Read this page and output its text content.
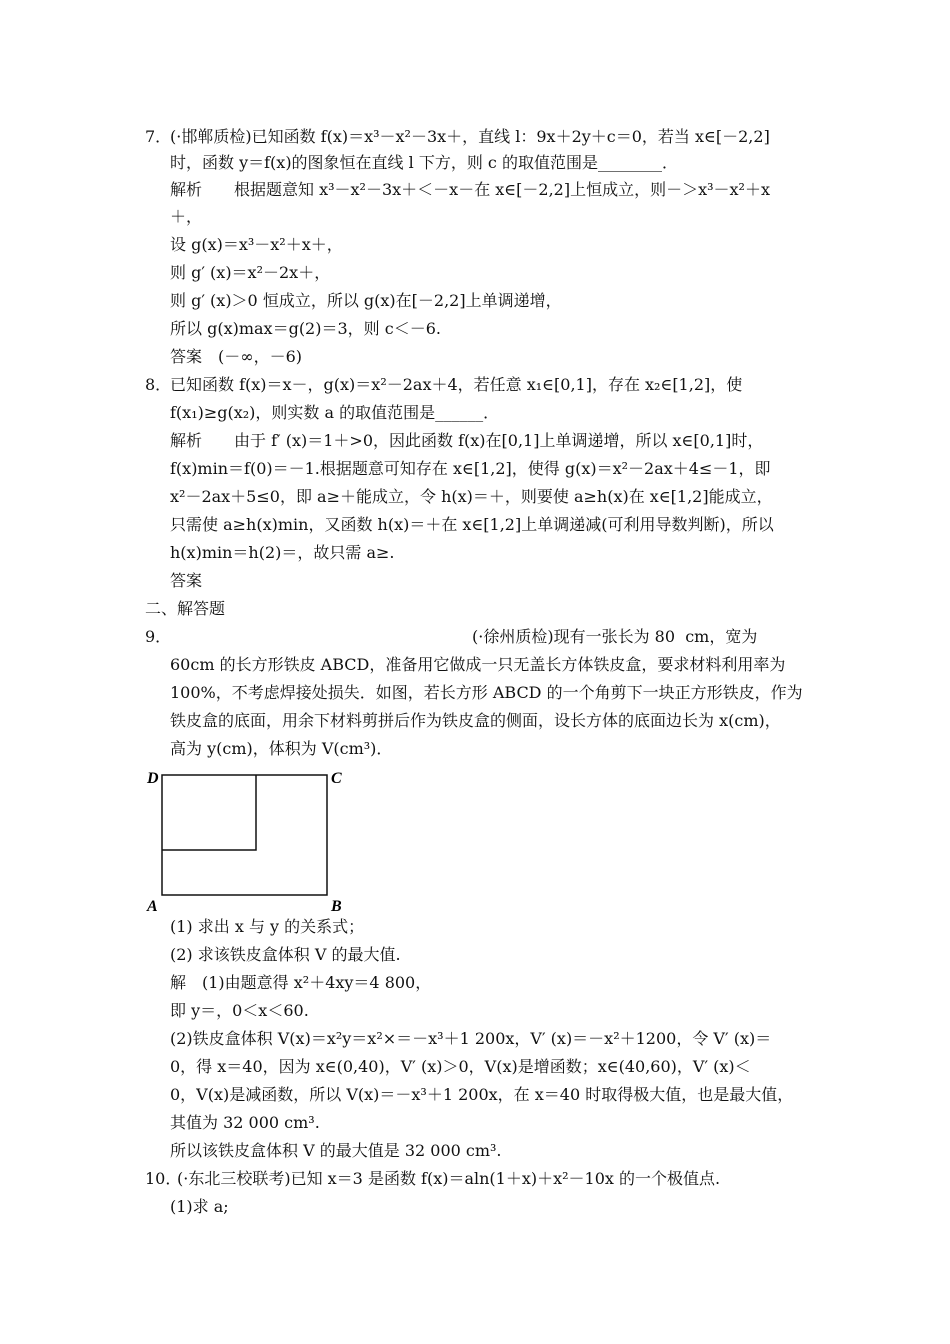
7．
(·邯郸质检)已知函数 f(x)＝x³－x²－3x＋，直线 l：9x＋2y＋c＝0，若当 x∈[－2,2]
时，函数 y＝f(x)的图象恒在直线 l 下方，则 c 的取值范围是________．
解析　　根据题意知 x³－x²－3x＋＜－x－在 x∈[－2,2]上恒成立，则－＞x³－x²＋x
＋，
设 g(x)＝x³－x²＋x＋，
则 g′ (x)＝x²－2x＋，
则 g′ (x)＞0 恒成立，所以 g(x)在[－2,2]上单调递增，
所以 g(x)max＝g(2)＝3，则 c＜－6.
答案　(－∞，－6)
8．
已知函数 f(x)＝x－，g(x)＝x²－2ax＋4，若任意 x₁∈[0,1]，存在 x₂∈[1,2]，使
f(x₁)≥g(x₂)，则实数 a 的取值范围是______．
解析　　由于 f′ (x)＝1＋>0，因此函数 f(x)在[0,1]上单调递增，所以 x∈[0,1]时，
f(x)min＝f(0)＝－1.根据题意可知存在 x∈[1,2]，使得 g(x)＝x²－2ax＋4≤－1，即
x²－2ax＋5≤0，即 a≥＋能成立，令 h(x)＝＋，则要使 a≥h(x)在 x∈[1,2]能成立，
只需使 a≥h(x)min，又函数 h(x)＝＋在 x∈[1,2]上单调递减(可利用导数判断)，所以
h(x)min＝h(2)＝，故只需 a≥.
答案
二、解答题
9．	(·徐州质检)现有一张长为 80  cm，宽为
60cm 的长方形铁皮 ABCD，准备用它做成一只无盖长方体铁皮盒，要求材料利用率为
100%，不考虑焊接处损失．如图，若长方形 ABCD 的一个角剪下一块正方形铁皮，作为
铁皮盒的底面，用余下材料剪拼后作为铁皮盒的侧面，设长方体的底面边长为 x(cm)，
高为 y(cm)，体积为 V(cm³)．
D	C
A	B
(1) 求出 x 与 y 的关系式；
(2) 求该铁皮盒体积 V 的最大值.
解　(1)由题意得 x²＋4xy＝4 800，
即 y＝，0＜x＜60.
(2)铁皮盒体积 V(x)＝x²y＝x²×＝－x³＋1 200x，V′ (x)＝－x²＋1200，令 V′ (x)＝
0，得 x＝40，因为 x∈(0,40)，V′ (x)＞0，V(x)是增函数；x∈(40,60)，V′ (x)＜
0，V(x)是减函数，所以 V(x)＝－x³＋1 200x，在 x＝40 时取得极大值，也是最大值，
其值为 32 000 cm³.
所以该铁皮盒体积 V 的最大值是 32 000 cm³.
10．
(·东北三校联考)已知 x＝3 是函数 f(x)＝aln(1＋x)＋x²－10x 的一个极值点.
(1)求 a;
